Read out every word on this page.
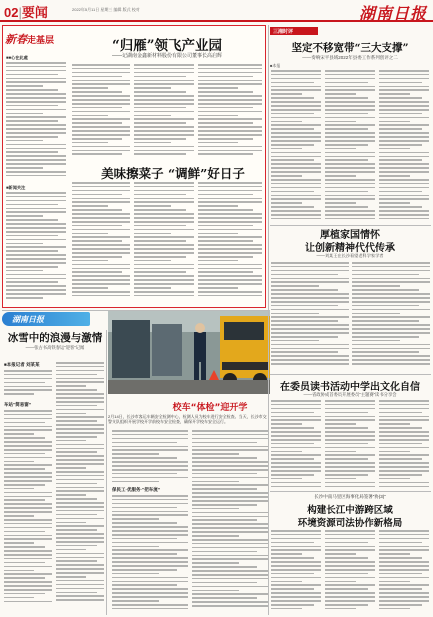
02|要闻	2022年5月11日 星期三 编辑 版式 校对	湖南日报
新春走基层
■■心在此處
“归雁”领飞产业园
——记湖南金鑫新材料股份有限公司董事长高启辉
■新闻关注
美味擦菜子 “调鲜”好日子
三湘时评
坚定不移宽带“三大支撑”
——奏响宋平县域2022年县委工作系列创评之二
■本报
厚植家国情怀
让创新精神代代传承
——刘某王在长沙看望老科学家学者
在委员读书活动中学出文化自信
——省政协成首委员开展委员“主题赛”读书分享会
长沙中南马里区海事化局签署“协(3)”
构建长江中游跨区域
环境资源司法协作新格局
湖南日报
冰雪中的浪漫与激情
——张古书高铁春运“迎客”记闻
■本报记者 刘某某
车站“简易窗”
保民工·优服务·“把车流”
校车“体检”迎开学
2月14日，长沙市客运车辆安全检测中心，检测人员为校车进行安全检查。当天，长沙市交警支队组织开展学校开学前校车安全检查，确保开学校车安全运行。
